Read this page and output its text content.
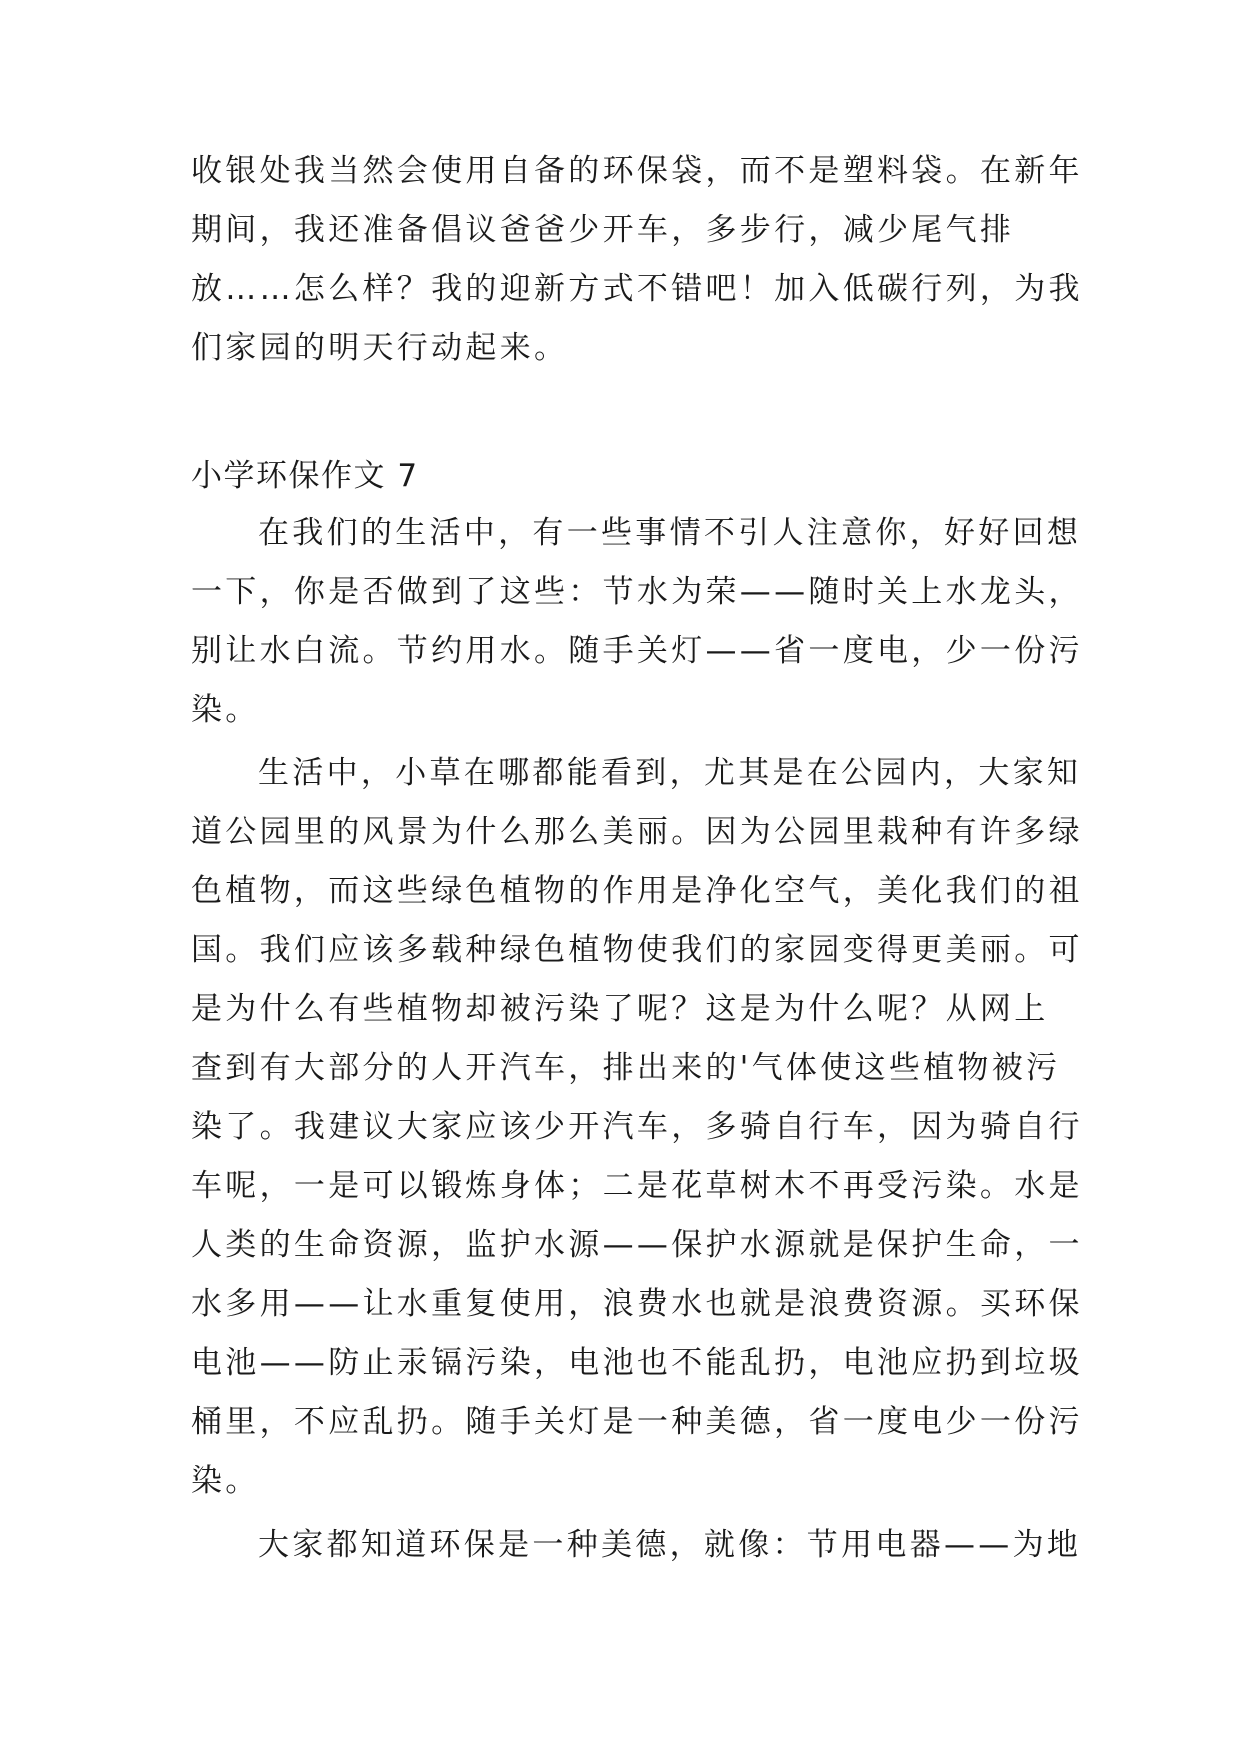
收银处我当然会使用自备的环保袋，而不是塑料袋。在新年
期间，我还准备倡议爸爸少开车，多步行，减少尾气排
放……怎么样？我的迎新方式不错吧！加入低碳行列，为我
们家园的明天行动起来。
小学环保作文 7
在我们的生活中，有一些事情不引人注意你，好好回想
一下，你是否做到了这些：节水为荣——随时关上水龙头，
别让水白流。节约用水。随手关灯——省一度电，少一份污
染。
生活中，小草在哪都能看到，尤其是在公园内，大家知
道公园里的风景为什么那么美丽。因为公园里栽种有许多绿
色植物，而这些绿色植物的作用是净化空气，美化我们的祖
国。我们应该多载种绿色植物使我们的家园变得更美丽。可
是为什么有些植物却被污染了呢？这是为什么呢？从网上
查到有大部分的人开汽车，排出来的'气体使这些植物被污
染了。我建议大家应该少开汽车，多骑自行车，因为骑自行
车呢，一是可以锻炼身体；二是花草树木不再受污染。水是
人类的生命资源，监护水源——保护水源就是保护生命，一
水多用——让水重复使用，浪费水也就是浪费资源。买环保
电池——防止汞镉污染，电池也不能乱扔，电池应扔到垃圾
桶里，不应乱扔。随手关灯是一种美德，省一度电少一份污
染。
大家都知道环保是一种美德，就像：节用电器——为地
